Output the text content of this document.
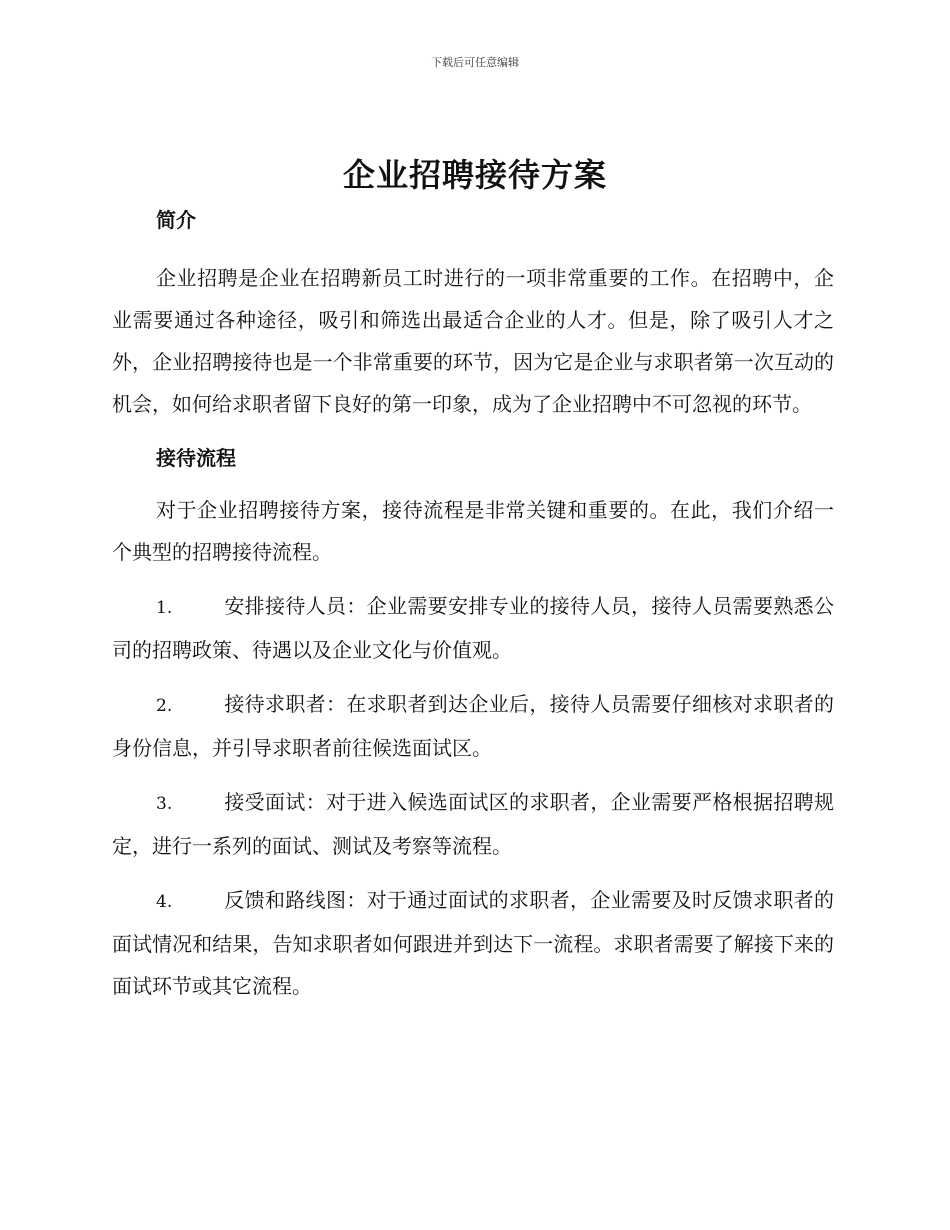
下载后可任意编辑
企业招聘接待方案
简介

企业招聘是企业在招聘新员工时进行的一项非常重要的工作。在招聘中，企业需要通过各种途径，吸引和筛选出最适合企业的人才。但是，除了吸引人才之外，企业招聘接待也是一个非常重要的环节，因为它是企业与求职者第一次互动的机会，如何给求职者留下良好的第一印象，成为了企业招聘中不可忽视的环节。

接待流程

对于企业招聘接待方案，接待流程是非常关键和重要的。在此，我们介绍一个典型的招聘接待流程。

1.	安排接待人员：企业需要安排专业的接待人员，接待人员需要熟悉公司的招聘政策、待遇以及企业文化与价值观。

2.	接待求职者：在求职者到达企业后，接待人员需要仔细核对求职者的身份信息，并引导求职者前往候选面试区。

3.	接受面试：对于进入候选面试区的求职者，企业需要严格根据招聘规定，进行一系列的面试、测试及考察等流程。

4.	反馈和路线图：对于通过面试的求职者，企业需要及时反馈求职者的面试情况和结果，告知求职者如何跟进并到达下一流程。求职者需要了解接下来的面试环节或其它流程。
